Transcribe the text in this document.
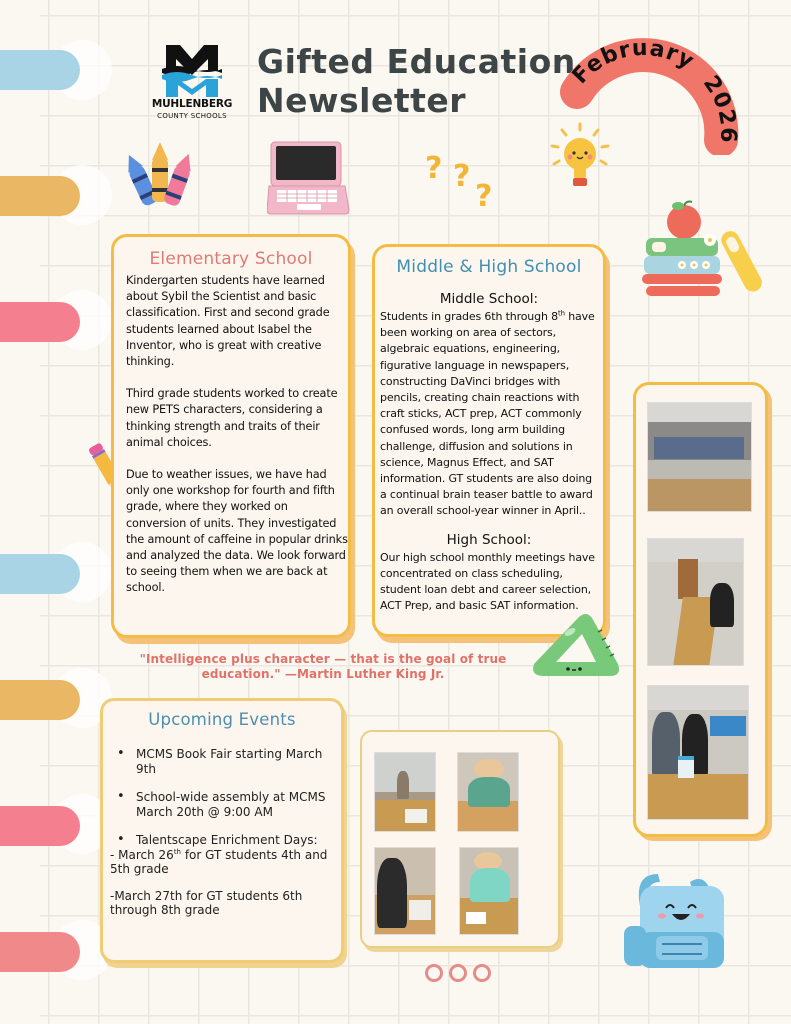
MUHLENBERG
COUNTY SCHOOLS
Gifted Education
Newsletter
February 2026
? ?
?
Elementary School

Kindergarten students have learned about Sybil the Scientist and basic classification. First and second grade students learned about Isabel the Inventor, who is great with creative thinking.

Third grade students worked to create new PETS characters, considering a thinking strength and traits of their animal choices.

Due to weather issues, we have had only one workshop for fourth and fifth grade, where they worked on conversion of units. They investigated the amount of caffeine in popular drinks and analyzed the data. We look forward to seeing them when we are back at school.

Middle & High School
Middle School:

Students in grades 6th through 8th have been working on area of sectors, algebraic equations, engineering, figurative language in newspapers, constructing DaVinci bridges with pencils, creating chain reactions with craft sticks, ACT prep, ACT commonly confused words, long arm building challenge, diffusion and solutions in science, Magnus Effect, and SAT information. GT students are also doing a continual brain teaser battle to award an overall school-year winner in April..

High School:

Our high school monthly meetings have concentrated on class scheduling, student loan debt and career selection, ACT Prep, and basic SAT information.

"Intelligence plus character — that is the goal of true education." —Martin Luther King Jr.
Upcoming Events
• MCMS Book Fair starting March 9th
• School-wide assembly at MCMS March 20th @ 9:00 AM
• Talentscape Enrichment Days:

- March 26th for GT students 4th and 5th grade

-March 27th for GT students 6th through 8th grade
